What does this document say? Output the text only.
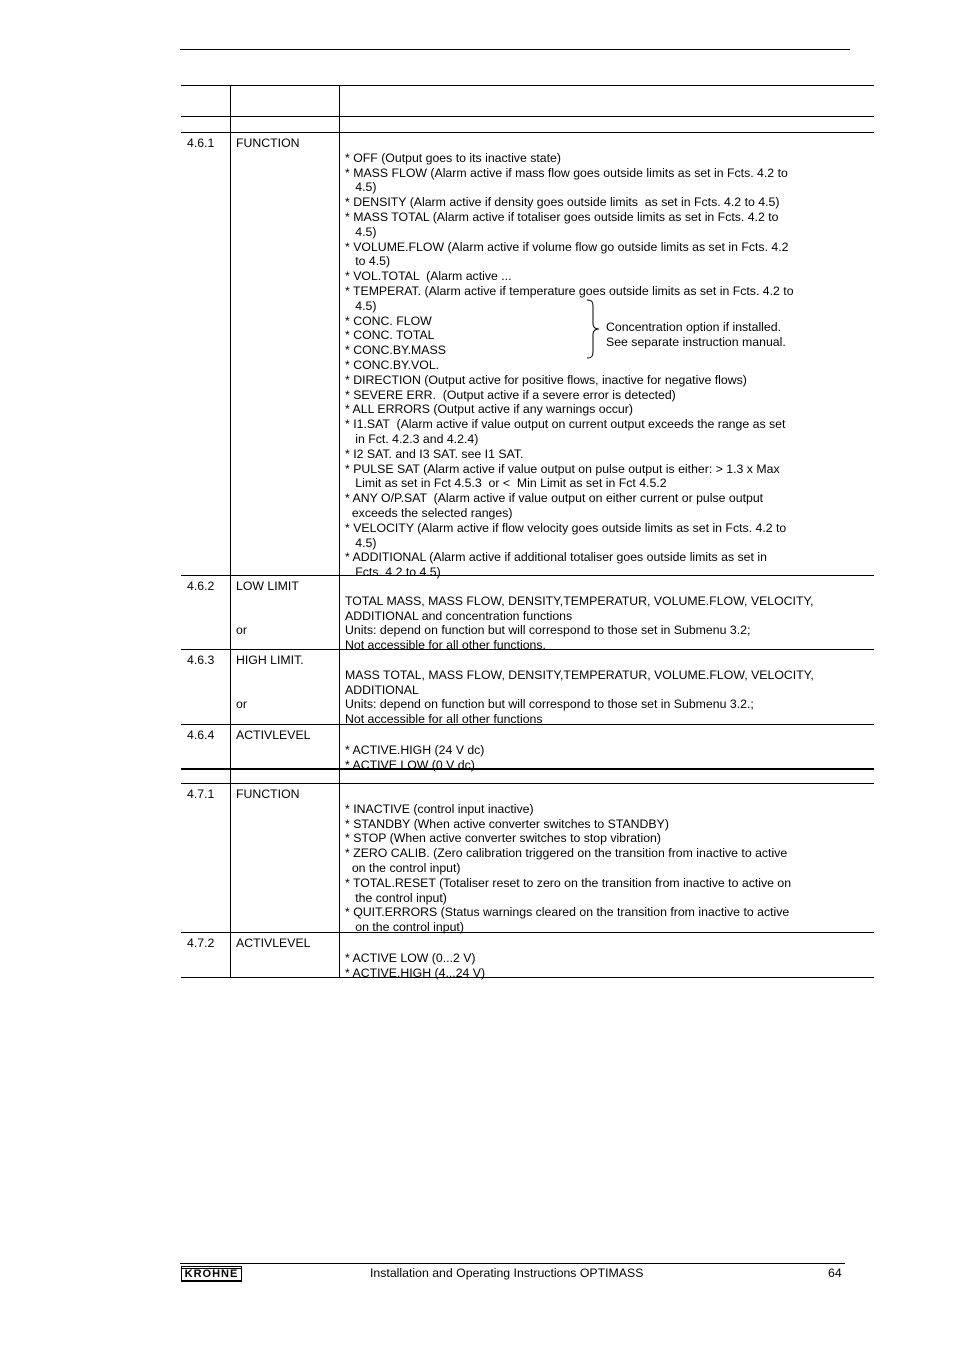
4.6.1	FUNCTION
* OFF (Output goes to its inactive state)
* MASS FLOW (Alarm active if mass flow goes outside limits as set in Fcts. 4.2 to
4.5)
* DENSITY (Alarm active if density goes outside limits  as set in Fcts. 4.2 to 4.5)
* MASS TOTAL (Alarm active if totaliser goes outside limits as set in Fcts. 4.2 to
4.5)
* VOLUME.FLOW (Alarm active if volume flow go outside limits as set in Fcts. 4.2
to 4.5)
* VOL.TOTAL  (Alarm active ...
* TEMPERAT. (Alarm active if temperature goes outside limits as set in Fcts. 4.2 to
4.5)
* CONC. FLOW
* CONC. TOTAL
* CONC.BY.MASS
* CONC.BY.VOL.
* DIRECTION (Output active for positive flows, inactive for negative flows)
* SEVERE ERR.  (Output active if a severe error is detected)
* ALL ERRORS (Output active if any warnings occur)
* I1.SAT  (Alarm active if value output on current output exceeds the range as set
in Fct. 4.2.3 and 4.2.4)
* I2 SAT. and I3 SAT. see I1 SAT.
* PULSE SAT (Alarm active if value output on pulse output is either: > 1.3 x Max
Limit as set in Fct 4.5.3  or <  Min Limit as set in Fct 4.5.2
* ANY O/P.SAT  (Alarm active if value output on either current or pulse output
exceeds the selected ranges)
* VELOCITY (Alarm active if flow velocity goes outside limits as set in Fcts. 4.2 to
4.5)
* ADDITIONAL (Alarm active if additional totaliser goes outside limits as set in
Fcts. 4.2 to 4.5)
Concentration option if installed.
See separate instruction manual.
4.6.2	LOW LIMIT
TOTAL MASS, MASS FLOW, DENSITY,TEMPERATUR, VOLUME.FLOW, VELOCITY,
ADDITIONAL and concentration functions
Units: depend on function but will correspond to those set in Submenu 3.2;
Not accessible for all other functions.
or
4.6.3	HIGH LIMIT.
MASS TOTAL, MASS FLOW, DENSITY,TEMPERATUR, VOLUME.FLOW, VELOCITY,
ADDITIONAL
Units: depend on function but will correspond to those set in Submenu 3.2.;
Not accessible for all other functions
or
4.6.4	ACTIVLEVEL
* ACTIVE.HIGH (24 V dc)
* ACTIVE LOW (0 V dc)
4.7.1	FUNCTION
* INACTIVE (control input inactive)
* STANDBY (When active converter switches to STANDBY)
* STOP (When active converter switches to stop vibration)
* ZERO CALIB. (Zero calibration triggered on the transition from inactive to active
on the control input)
* TOTAL.RESET (Totaliser reset to zero on the transition from inactive to active on
the control input)
* QUIT.ERRORS (Status warnings cleared on the transition from inactive to active
on the control input)
4.7.2	ACTIVLEVEL
* ACTIVE LOW (0...2 V)
* ACTIVE.HIGH (4...24 V)
KROHNE	Installation and Operating Instructions OPTIMASS	64
